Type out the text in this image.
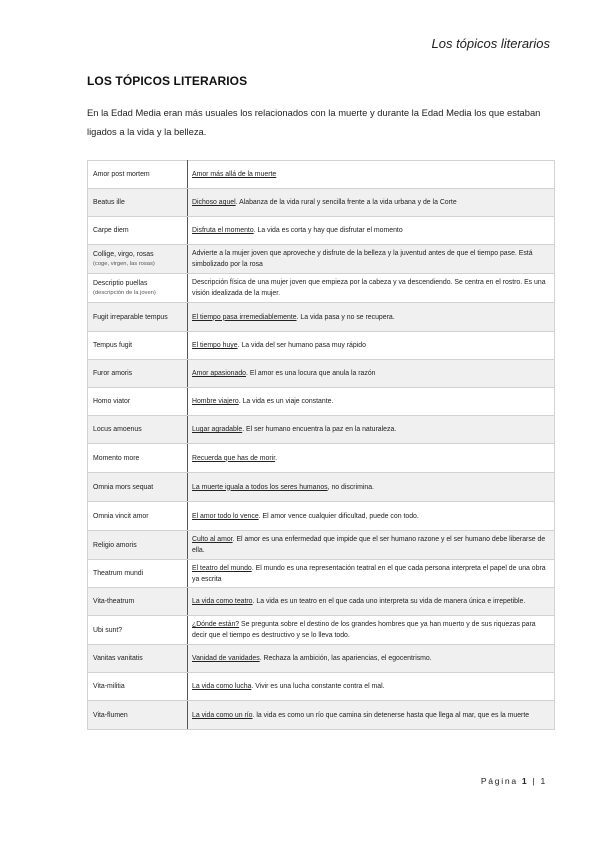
Los tópicos literarios
LOS TÓPICOS LITERARIOS

En la Edad Media eran más usuales los relacionados con la muerte y durante la Edad Media los que estaban ligados a la vida y la belleza.

Amor post mortem	Amor más allá de la muerte
Beatus ille	Dichoso aquel. Alabanza de la vida rural y sencilla frente a la vida urbana y de la Corte
Carpe diem	Disfruta el momento. La vida es corta y hay que disfrutar el momento
Collige, virgo, rosas
(coge, virgen, las rosas)	Advierte a la mujer joven que aproveche y disfrute de la belleza y la juventud antes de que el tiempo pase. Está simbolizado por la rosa
Descriptio puellas
(descripción de la joven)	Descripción física de una mujer joven que empieza por la cabeza y va descendiendo. Se centra en el rostro. Es una visión idealizada de la mujer.
Fugit irreparable tempus	El tiempo pasa irremediablemente. La vida pasa y no se recupera.
Tempus fugit	El tiempo huye. La vida del ser humano pasa muy rápido
Furor amoris	Amor apasionado. El amor es una locura que anula la razón
Homo viator	Hombre viajero. La vida es un viaje constante.
Locus amoenus	Lugar agradable. El ser humano encuentra la paz en la naturaleza.
Momento more	Recuerda que has de morir.
Omnia mors sequat	La muerte iguala a todos los seres humanos, no discrimina.
Omnia vincit amor	El amor todo lo vence. El amor vence cualquier dificultad, puede con todo.
Religio amoris	Culto al amor. El amor es una enfermedad que impide que el ser humano razone y el ser humano debe liberarse de ella.
Theatrum mundi	El teatro del mundo. El mundo es una representación teatral en el que cada persona interpreta el papel de una obra ya escrita
Vita-theatrum	La vida como teatro. La vida es un teatro en el que cada uno interpreta su vida de manera única e irrepetible.
Ubi sunt?	¿Dónde están? Se pregunta sobre el destino de los grandes hombres que ya han muerto y de sus riquezas para decir que el tiempo es destructivo y se lo lleva todo.
Vanitas vanitatis	Vanidad de vanidades. Rechaza la ambición, las apariencias, el egocentrismo.
Vita-militia	La vida como lucha. Vivir es una lucha constante contra el mal.
Vita-flumen	La vida como un río. la vida es como un río que camina sin detenerse hasta que llega al mar, que es la muerte
Página 1 | 1
